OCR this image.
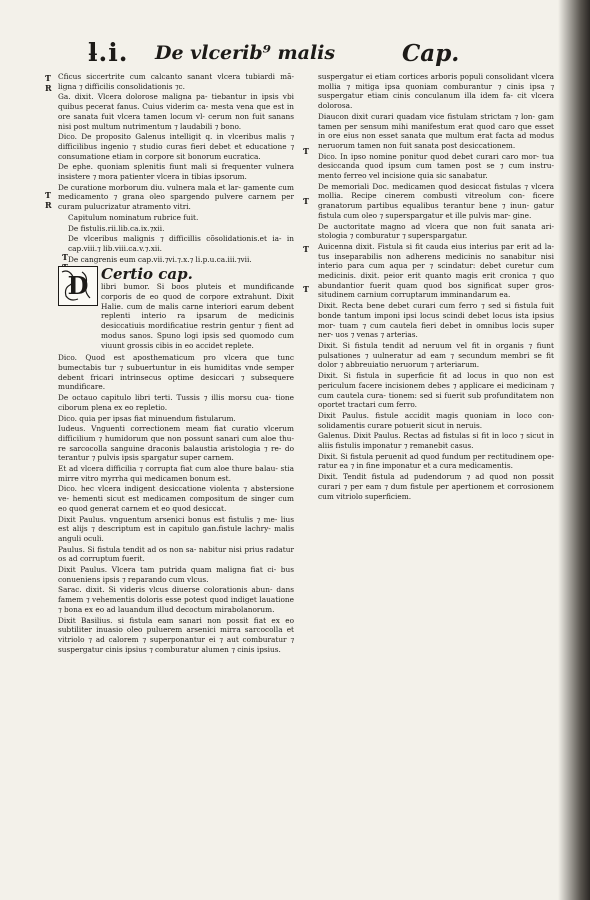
ƚ.i. De vlcerib⁹ malis	Cap.
Ƭ
R
Ƭ
R
Ƭ
Ƭ
Ƭ
Ƭ
Ƭ

Cficus siccertrite cum calcanto sanant vlcera tubiardi mã- ligna ⁊ difficilis consolidationis ⁊c.

Ga. dixit. Vlcera dolorose maligna pa- tiebantur in ipsis vbi quibus pecerat fanus. Cuius viderim ca- mesta vena que est in ore sanata fuit vlcera tamen locum vl- cerum non fuit sanans nisi post multum nutrimentum ⁊ laudabili ⁊ bono.

Dico. De proposito Galenus intelligit q. in vlceribus malis ⁊ difficilibus ingenio ⁊ studio curas fieri debet et educatione ⁊ consumatione etiam in corpore sit bonorum eucratica.

De ephe. quoniam splenitis fiunt mali si frequenter vulnera insistere ⁊ mora patienter vlcera in tibias ipsorum.

De curatione morborum diu. vulnera mala et lar- gamente cum medicamento ⁊ grana oleo spargendo pulvere carnem per curam pulucrizatur atramento vitri.

Capitulum nominatum rubrice fuit.

De fistulis.rii.lib.ca.ix.⁊xii.

De vlceribus malignis ⁊ difficillis cõsolidationis.et ia- in cap.viii.⁊ lib.viii.ca.v.⁊.xii.

De cangrenis eum cap.vii.⁊vi.⁊.x.⁊ li.p.u.ca.iii.⁊vii.

D Certio cap.

libri bumor. Si boos pluteis et mundificande corporis de eo quod de corpore extrahunt. Dixit Halie. cum de malis carne interiori earum debent replenti interio ra ipsarum de medicinis desiccatiuis mordificatiue restrin gentur ⁊ fient ad modus sanos. Spuno logi ipsis sed quomodo cum viuunt grossis cibis in eo accidet replete.

Dico. Quod est aposthematicum pro vlcera que tunc bumectabis tur ⁊ subuertuntur in eis humiditas vnde semper debent fricari intrinsecus optime desiccari ⁊ subsequere mundificare.

De octauo capitulo libri terti. Tussis ⁊ illis morsu cua- tione ciborum plena ex eo repletio.

Dico. quia per ipsas fiat minuendum fistularum.

Iudeus. Vnguenti correctionem meam fiat curatio vlcerum difficilium ⁊ humidorum que non possunt sanari cum aloe thu- re sarcocolla sanguine draconis balaustia aristologia ⁊ re- do terantur ⁊ pulvis ipsis spargatur super carnem.

Et ad vlcera difficilia ⁊ corrupta fiat cum aloe thure balau- stia mirre vitro myrrha qui medicamen bonum est.

Dico. hec vlcera indigent desiccatione violenta ⁊ abstersione ve- hementi sicut est medicamen compositum de singer cum eo quod generat carnem et eo quod desiccat.

Dixit Paulus. vnguentum arsenici bonus est fistulis ⁊ me- lius est alijs ⁊ descriptum est in capitulo gan.fistule lachry- malis anguli oculi.

Paulus. Si fistula tendit ad os non sa- nabitur nisi prius radatur os ad corruptum fuerit.

Dixit Paulus. Vlcera tam putrida quam maligna fiat ci- bus conueniens ipsis ⁊ reparando cum vlcus.

Sarac. dixit. Si videris vlcus diuerse colorationis abun- dans famem ⁊ vehementis doloris esse potest quod indiget lauatione ⁊ bona ex eo ad lauandum illud decoctum mirabolanorum.

Dixit Basilius. si fistula eam sanari non possit fiat ex eo subtiliter inuasio oleo puluerem arsenici mirra sarcocolla et vitriolo ⁊ ad calorem ⁊ superponantur ei ⁊ aut comburatur ⁊ suspergatur cinis ipsius ⁊ comburatur alumen ⁊ cinis ipsius.

suspergatur ei etiam cortices arboris populi consolidant vlcera mollia ⁊ mitiga ipsa quoniam comburantur ⁊ cinis ipsa ⁊ suspergatur etiam cinis conculanum illa idem fa- cit vlcera dolorosa.

Diaucon dixit curari quadam vice fistulam strictam ⁊ lon- gam tamen per sensum mihi manifestum erat quod caro que esset in ore eius non esset sanata que multum erat facta ad modus neruorum tamen non fuit sanata post desiccationem.

Dico. In ipso nomine ponitur quod debet curari caro mor- tua desiccanda quod ipsum cum tamen post se ⁊ cum instru- mento ferreo vel incisione quia sic sanabatur.

De memoriali Doc. medicamen quod desiccat fistulas ⁊ vlcera mollia. Recipe cinerem combusti vitreolum con- ficere granatorum partibus equalibus terantur bene ⁊ inun- gatur fistula cum oleo ⁊ superspargatur et ille pulvis mar- gine.

De auctoritate magno ad vlcera que non fuit sanata ari- stologia ⁊ comburatur ⁊ superspargatur.

Auicenna dixit. Fistula si fit cauda eius interius par erit ad la- tus inseparabilis non adherens medicinis no sanabitur nisi interio para cum aqua per ⁊ scindatur: debet curetur cum medicinis. dixit. peior erit quanto magis erit cronica ⁊ quo abundantior fuerit quam quod bos significat super gros- situdinem carnium corruptarum imminandarum ea.

Dixit. Recta bene debet curari cum ferro ⁊ sed si fistula fuit bonde tantum imponi ipsi locus scindi debet locus ista ipsius mor- tuam ⁊ cum cautela fieri debet in omnibus locis super ner- uos ⁊ venas ⁊ arterias.

Dixit. Si fistula tendit ad neruum vel fit in organis ⁊ fiunt pulsationes ⁊ uulneratur ad eam ⁊ secundum membri se fit dolor ⁊ abbreuiatio neruorum ⁊ arteriarum.

Dixit. Si fistula in superficie fit ad locus in quo non est periculum facere incisionem debes ⁊ applicare ei medicinam ⁊ cum cautela cura- tionem: sed si fuerit sub profunditatem non oportet tractari cum ferro.

Dixit Paulus. fistule accidit magis quoniam in loco con- solidamentis curare potuerit sicut in neruis.

Galenus. Dixit Paulus. Rectas ad fistulas si fit in loco ⁊ sicut in aliis fistulis imponatur ⁊ remanebit casus.

Dixit. Si fistula peruenit ad quod fundum per rectitudinem ope- ratur ea ⁊ in fine imponatur et a cura medicamentis.

Dixit. Tendit fistula ad pudendorum ⁊ ad quod non possit curari ⁊ per eam ⁊ dum fistule per apertionem et corrosionem cum vitriolo superficiem.
